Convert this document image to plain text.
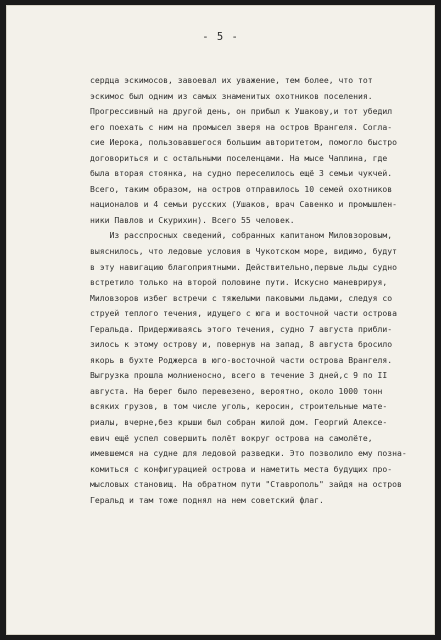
- 5 -
сердца эскимосов, завоевал их уважение, тем более, что тот
эскимос был одним из самых знаменитых охотников поселения.
Прогрессивный на другой день, он прибыл к Ушакову,и тот убедил
его поехать с ним на промысел зверя на остров Врангеля. Согла-
сие Иерока, пользовавшегося большим авторитетом, помогло быстро
договориться и с остальными поселенцами. На мысе Чаплина, где
была вторая стоянка, на судно переселилось ещё 3 семьи чукчей.
Всего, таким образом, на остров отправилось 10 семей охотников
националов и 4 семьи русских (Ушаков, врач Савенко и промышлен-
ники Павлов и Скурихин). Всего 55 человек.
Из расспросных сведений, собранных капитаном Миловзоровым,
выяснилось, что ледовые условия в Чукотском море, видимо, будут
в эту навигацию благоприятными. Действительно,первые льды судно
встретило только на второй половине пути. Искусно маневрируя,
Миловзоров избег встречи с тяжелыми паковыми льдами, следуя со
струей теплого течения, идущего с юга и восточной части острова
Геральда. Придерживаясь этого течения, судно 7 августа прибли-
зилось к этому острову и, повернув на запад, 8 августа бросило
якорь в бухте Роджерса в юго-восточной части острова Врангеля.
Выгрузка прошла молниеносно, всего в течение 3 дней,с 9 по II
августа. На берег было перевезено, вероятно, около 1000 тонн
всяких грузов, в том числе уголь, керосин, строительные мате-
риалы, вчерне,без крыши был собран жилой дом. Георгий Алексе-
евич ещё успел совершить полёт вокруг острова на самолёте,
имевшемся на судне для ледовой разведки. Это позволило ему позна-
комиться с конфигурацией острова и наметить места будущих про-
мысловых становищ. На обратном пути "Ставрополь" зайдя на остров
Геральд и там тоже поднял на нем советский флаг.
